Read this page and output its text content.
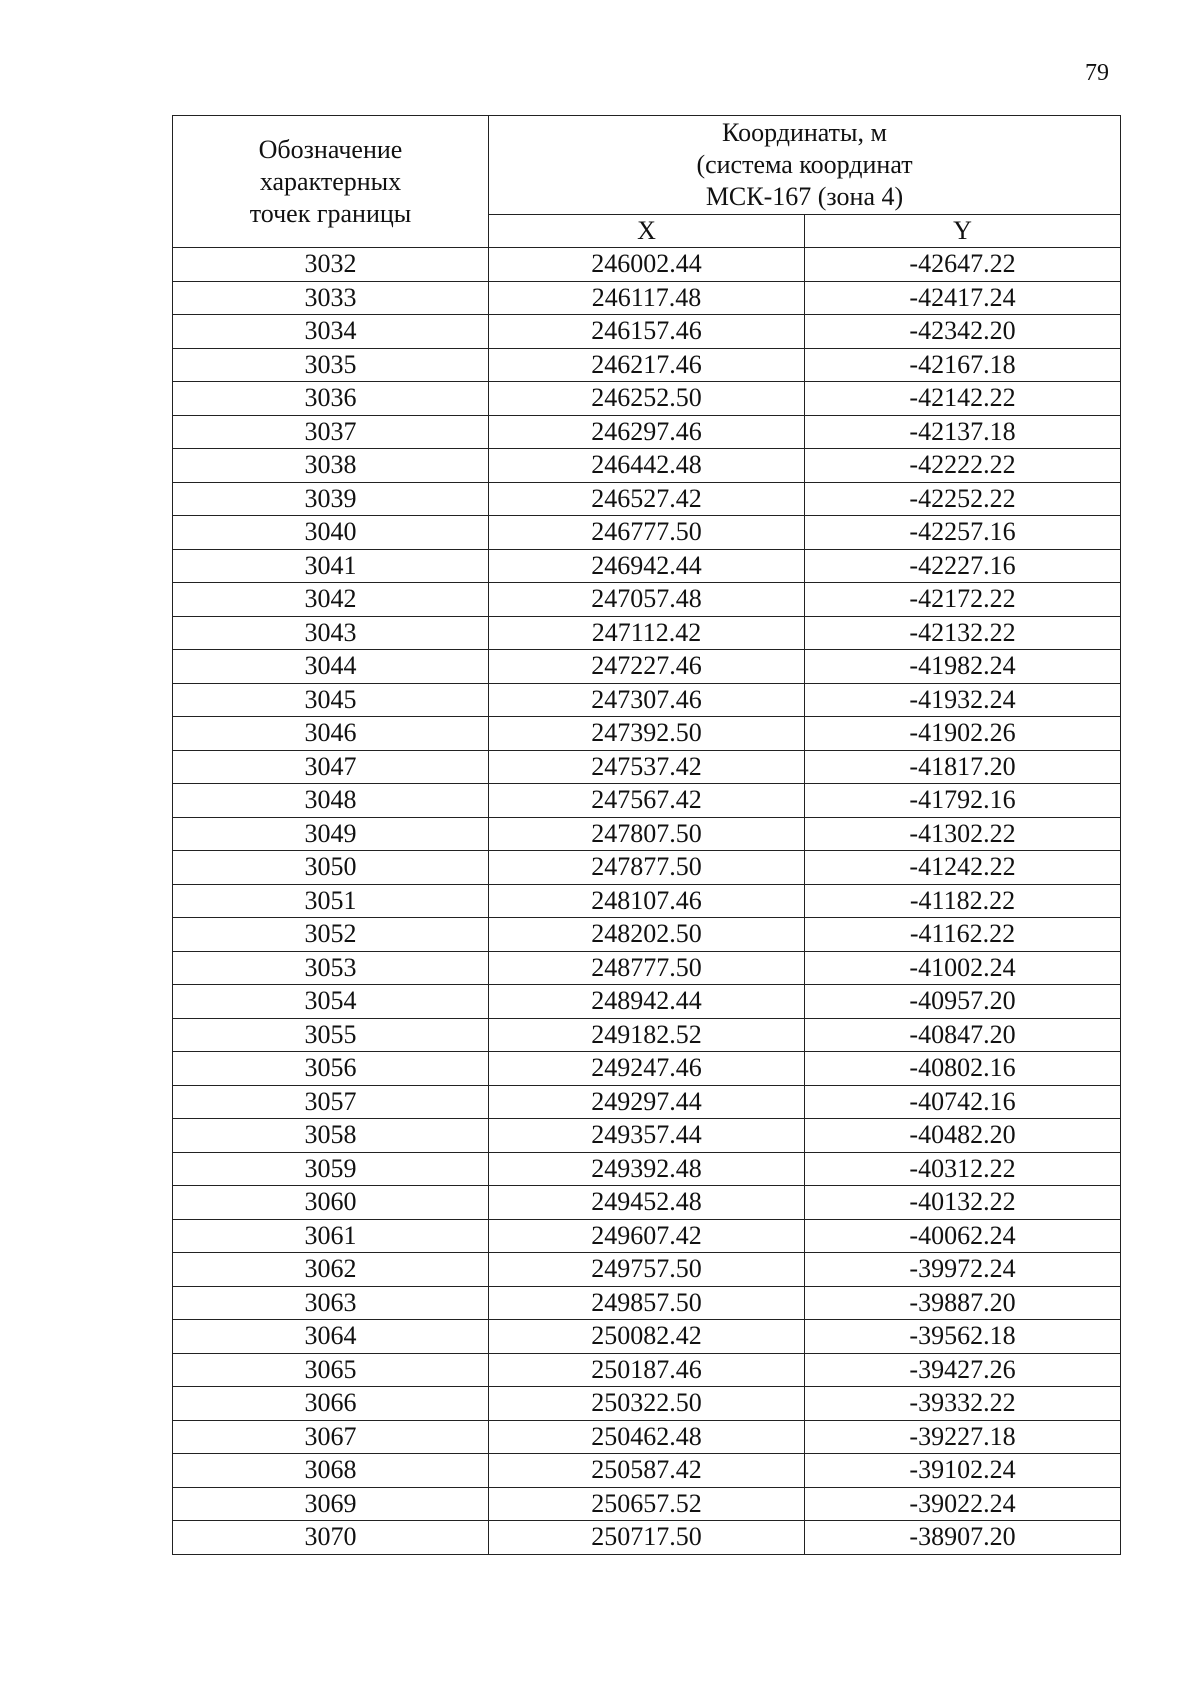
79
Обозначение
характерных
точек границы	Координаты, м
(система координат
МСК-167 (зона 4)	

	X	Y
3032	246002.44	-42647.22
3033	246117.48	-42417.24
3034	246157.46	-42342.20
3035	246217.46	-42167.18
3036	246252.50	-42142.22
3037	246297.46	-42137.18
3038	246442.48	-42222.22
3039	246527.42	-42252.22
3040	246777.50	-42257.16
3041	246942.44	-42227.16
3042	247057.48	-42172.22
3043	247112.42	-42132.22
3044	247227.46	-41982.24
3045	247307.46	-41932.24
3046	247392.50	-41902.26
3047	247537.42	-41817.20
3048	247567.42	-41792.16
3049	247807.50	-41302.22
3050	247877.50	-41242.22
3051	248107.46	-41182.22
3052	248202.50	-41162.22
3053	248777.50	-41002.24
3054	248942.44	-40957.20
3055	249182.52	-40847.20
3056	249247.46	-40802.16
3057	249297.44	-40742.16
3058	249357.44	-40482.20
3059	249392.48	-40312.22
3060	249452.48	-40132.22
3061	249607.42	-40062.24
3062	249757.50	-39972.24
3063	249857.50	-39887.20
3064	250082.42	-39562.18
3065	250187.46	-39427.26
3066	250322.50	-39332.22
3067	250462.48	-39227.18
3068	250587.42	-39102.24
3069	250657.52	-39022.24
3070	250717.50	-38907.20
